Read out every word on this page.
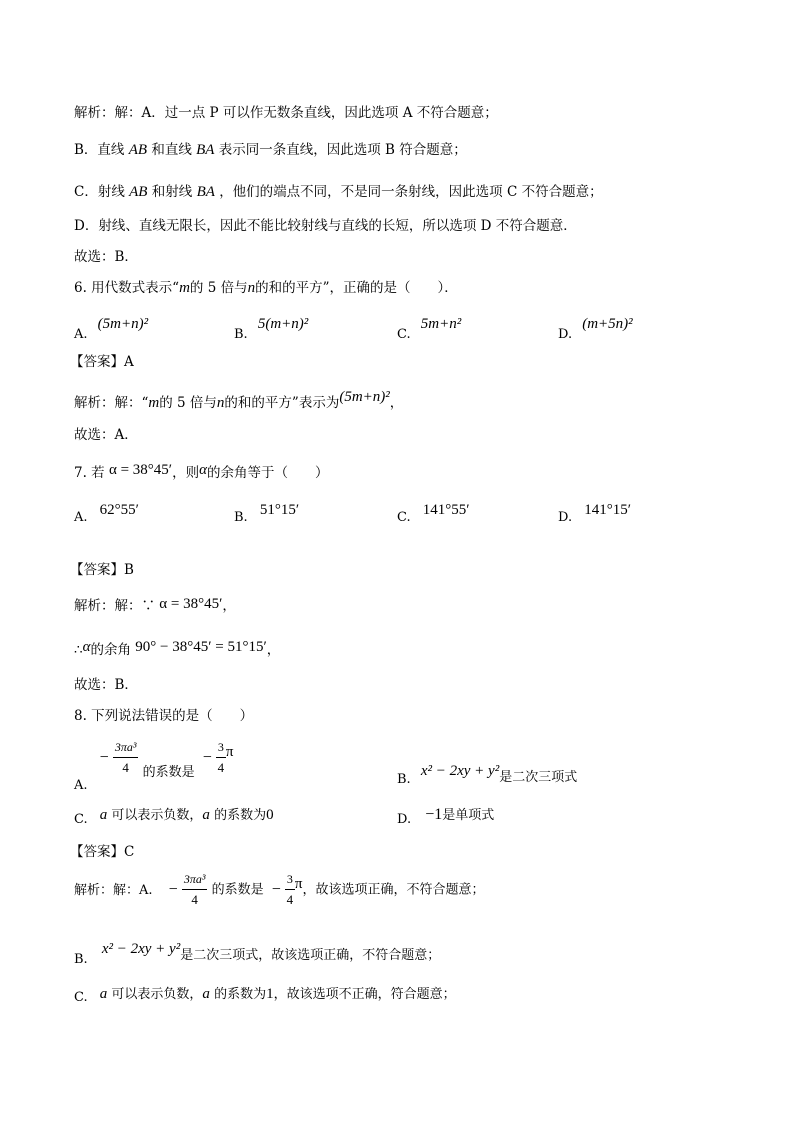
解析：解：A．过一点 P 可以作无数条直线，因此选项 A 不符合题意；
B．直线 AB 和直线 BA 表示同一条直线，因此选项 B 符合题意；
C．射线 AB 和射线 BA ，他们的端点不同，不是同一条射线，因此选项 C 不符合题意；
D．射线、直线无限长，因此不能比较射线与直线的长短，所以选项 D 不符合题意．
故选：B．
6. 用代数式表示“m的 5 倍与n的和的平方”，正确的是（　　）．
A. (5m+n)²
B. 5(m+n)²
C. 5m+n²
D. (m+5n)²
【答案】A
解析：解：“m的 5 倍与n的和的平方”表示为(5m+n)²，
故选：A．
7. 若 α = 38°45′，则α的余角等于（　　）
A. 62°55′	B. 51°15′	C. 141°55′	D. 141°15′
【答案】B
解析：解：∵ α = 38°45′，
∴α的余角 90° − 38°45′ = 51°15′，
故选：B．
8. 下列说法错误的是（　　）
A. − $\frac{\text{3πa³}}{4}$ 的系数是 − $\frac{3}{4}$ π
B. x² − 2xy + y²是二次三项式
C. a 可以表示负数，a 的系数为0	D. −1是单项式
【答案】C
解析：解：A. − $\frac{\text{3πa³}}{4}$ 的系数是 − $\frac{3}{4}$ π，故该选项正确，不符合题意；
B. x² − 2xy + y²是二次三项式，故该选项正确，不符合题意；
C. a 可以表示负数，a 的系数为1，故该选项不正确，符合题意；
